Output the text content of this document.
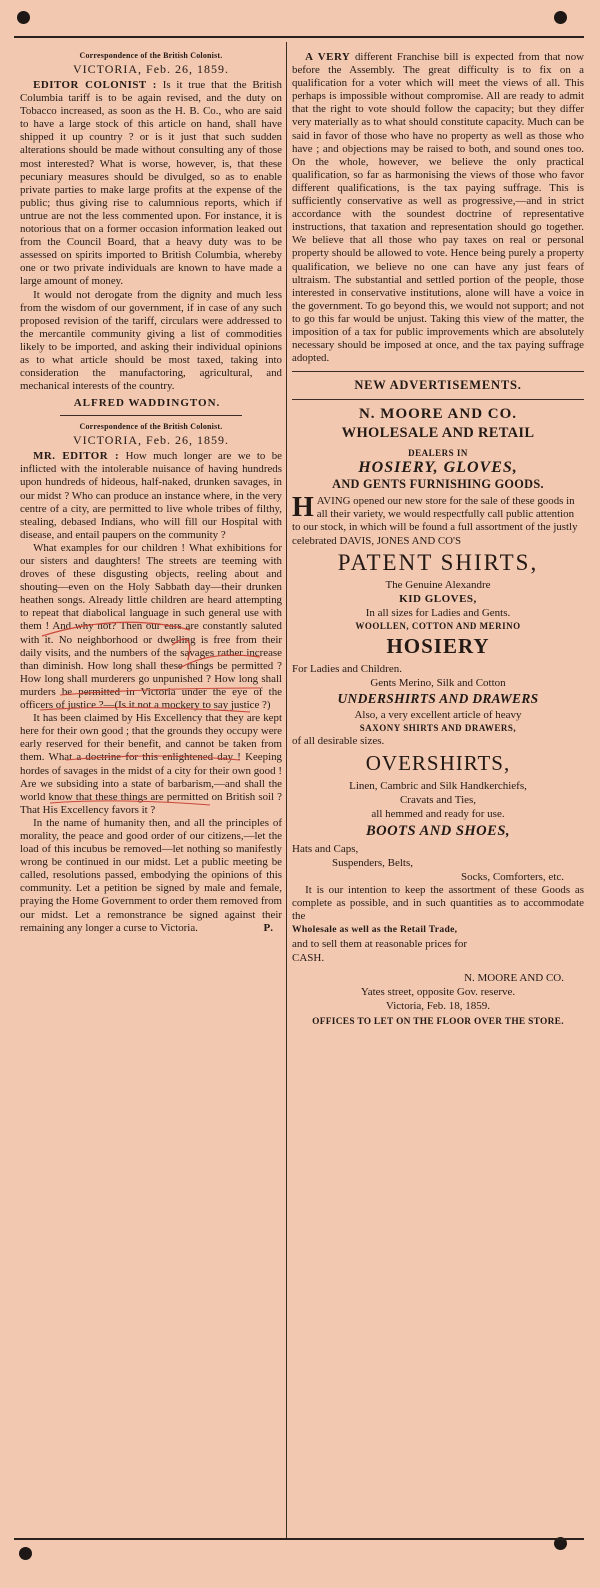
Correspondence of the British Colonist.
VICTORIA, Feb. 26, 1859.

EDITOR COLONIST : Is it true that the British Columbia tariff is to be again revised, and the duty on Tobacco increased, as soon as the H. B. Co., who are said to have a large stock of this article on hand, shall have shipped it up country ? or is it just that such sudden alterations should be made without consulting any of those most interested? What is worse, however, is, that these pecuniary measures should be divulged, so as to enable private parties to make large profits at the expense of the public; thus giving rise to calumnious reports, which if untrue are not the less commented upon. For instance, it is notorious that on a former occasion information leaked out from the Council Board, that a heavy duty was to be assessed on spirits imported to British Columbia, whereby one or two private individuals are known to have made a large amount of money.

It would not derogate from the dignity and much less from the wisdom of our government, if in case of any such proposed revision of the tariff, circulars were addressed to the mercantile community giving a list of commodities likely to be imported, and asking their individual opinions as to what article should be most taxed, taking into consideration the manufactoring, agricultural, and mechanical interests of the country.

ALFRED WADDINGTON.
Correspondence of the British Colonist.
VICTORIA, Feb. 26, 1859.

MR. EDITOR : How much longer are we to be inflicted with the intolerable nuisance of having hundreds upon hundreds of hideous, half-naked, drunken savages, in our midst ? Who can produce an instance where, in the very centre of a city, are permitted to live whole tribes of filthy, stealing, debased Indians, who will fill our Hospital with disease, and entail paupers on the community ?

What examples for our children ! What exhibitions for our sisters and daughters! The streets are teeming with droves of these disgusting objects, reeling about and shouting—even on the Holy Sabbath day—their drunken heathen songs. Already little children are heard attempting to repeat that diabolical language in such general use with them ! And why not? Then our ears are constantly saluted with it. No neighborhood or dwelling is free from their daily visits, and the numbers of the savages rather increase than diminish. How long shall these things be permitted ? How long shall murderers go unpunished ? How long shall murders be permitted in Victoria under the eye of the officers of justice ?—(Is it not a mockery to say justice ?)

It has been claimed by His Excellency that they are kept here for their own good ; that the grounds they occupy were early reserved for their benefit, and cannot be taken from them. What a doctrine for this enlightened day ! Keeping hordes of savages in the midst of a city for their own good ! Are we subsiding into a state of barbarism,—and shall the world know that these things are permitted on British soil ? That His Excellency favors it ?

In the name of humanity then, and all the principles of morality, the peace and good order of our citizens,—let the load of this incubus be removed—let nothing so manifestly wrong be continued in our midst. Let a public meeting be called, resolutions passed, embodying the opinions of this community. Let a petition be signed by male and female, praying the Home Government to order them removed from our midst. Let a remonstrance be signed against their remaining any longer a curse to Victoria.	P.

A VERY different Franchise bill is expected from that now before the Assembly. The great difficulty is to fix on a qualification for a voter which will meet the views of all. This perhaps is impossible without compromise. All are ready to admit that the right to vote should follow the capacity; but they differ very materially as to what should constitute capacity. Much can be said in favor of those who have no property as well as those who have ; and objections may be raised to both, and sound ones too. On the whole, however, we believe the only practical qualification, so far as harmonising the views of those who favor different qualifications, is the tax paying suffrage. This is sufficiently conservative as well as progressive,—and in strict accordance with the soundest doctrine of representative instructions, that taxation and representation should go together. We believe that all those who pay taxes on real or personal property should be allowed to vote. Hence being purely a property qualification, we believe no one can have any just fears of ultraism. The substantial and settled portion of the people, those interested in conservative institutions, alone will have a voice in the government. To go beyond this, we would not support; and not to go this far would be unjust. Taking this view of the matter, the imposition of a tax for public improvements which are absolutely necessary should be imposed at once, and the tax paying suffrage adopted.

NEW ADVERTISEMENTS.
N. MOORE AND CO.
WHOLESALE AND RETAIL
DEALERS IN
HOSIERY, GLOVES,
AND GENTS FURNISHING GOODS.

HAVING opened our new store for the sale of these goods in all their variety, we would respectfully call public attention to our stock, in which will be found a full assortment of the justly celebrated DAVIS, JONES AND CO'S

PATENT SHIRTS,
The Genuine Alexandre
KID GLOVES,
In all sizes for Ladies and Gents.
WOOLLEN, COTTON AND MERINO
HOSIERY
For Ladies and Children.
Gents Merino, Silk and Cotton
UNDERSHIRTS AND DRAWERS
Also, a very excellent article of heavy
SAXONY SHIRTS AND DRAWERS,
of all desirable sizes.
OVERSHIRTS,
Linen, Cambric and Silk Handkerchiefs,
Cravats and Ties,
all hemmed and ready for use.
BOOTS AND SHOES,
Hats and Caps,
Suspenders, Belts,
Socks, Comforters, etc.

It is our intention to keep the assortment of these Goods as complete as possible, and in such quantities as to accommodate the

Wholesale as well as the Retail Trade,
and to sell them at reasonable prices for
CASH.
N. MOORE AND CO.
Yates street, opposite Gov. reserve.
Victoria, Feb. 18, 1859.
OFFICES TO LET ON THE FLOOR OVER THE STORE.
